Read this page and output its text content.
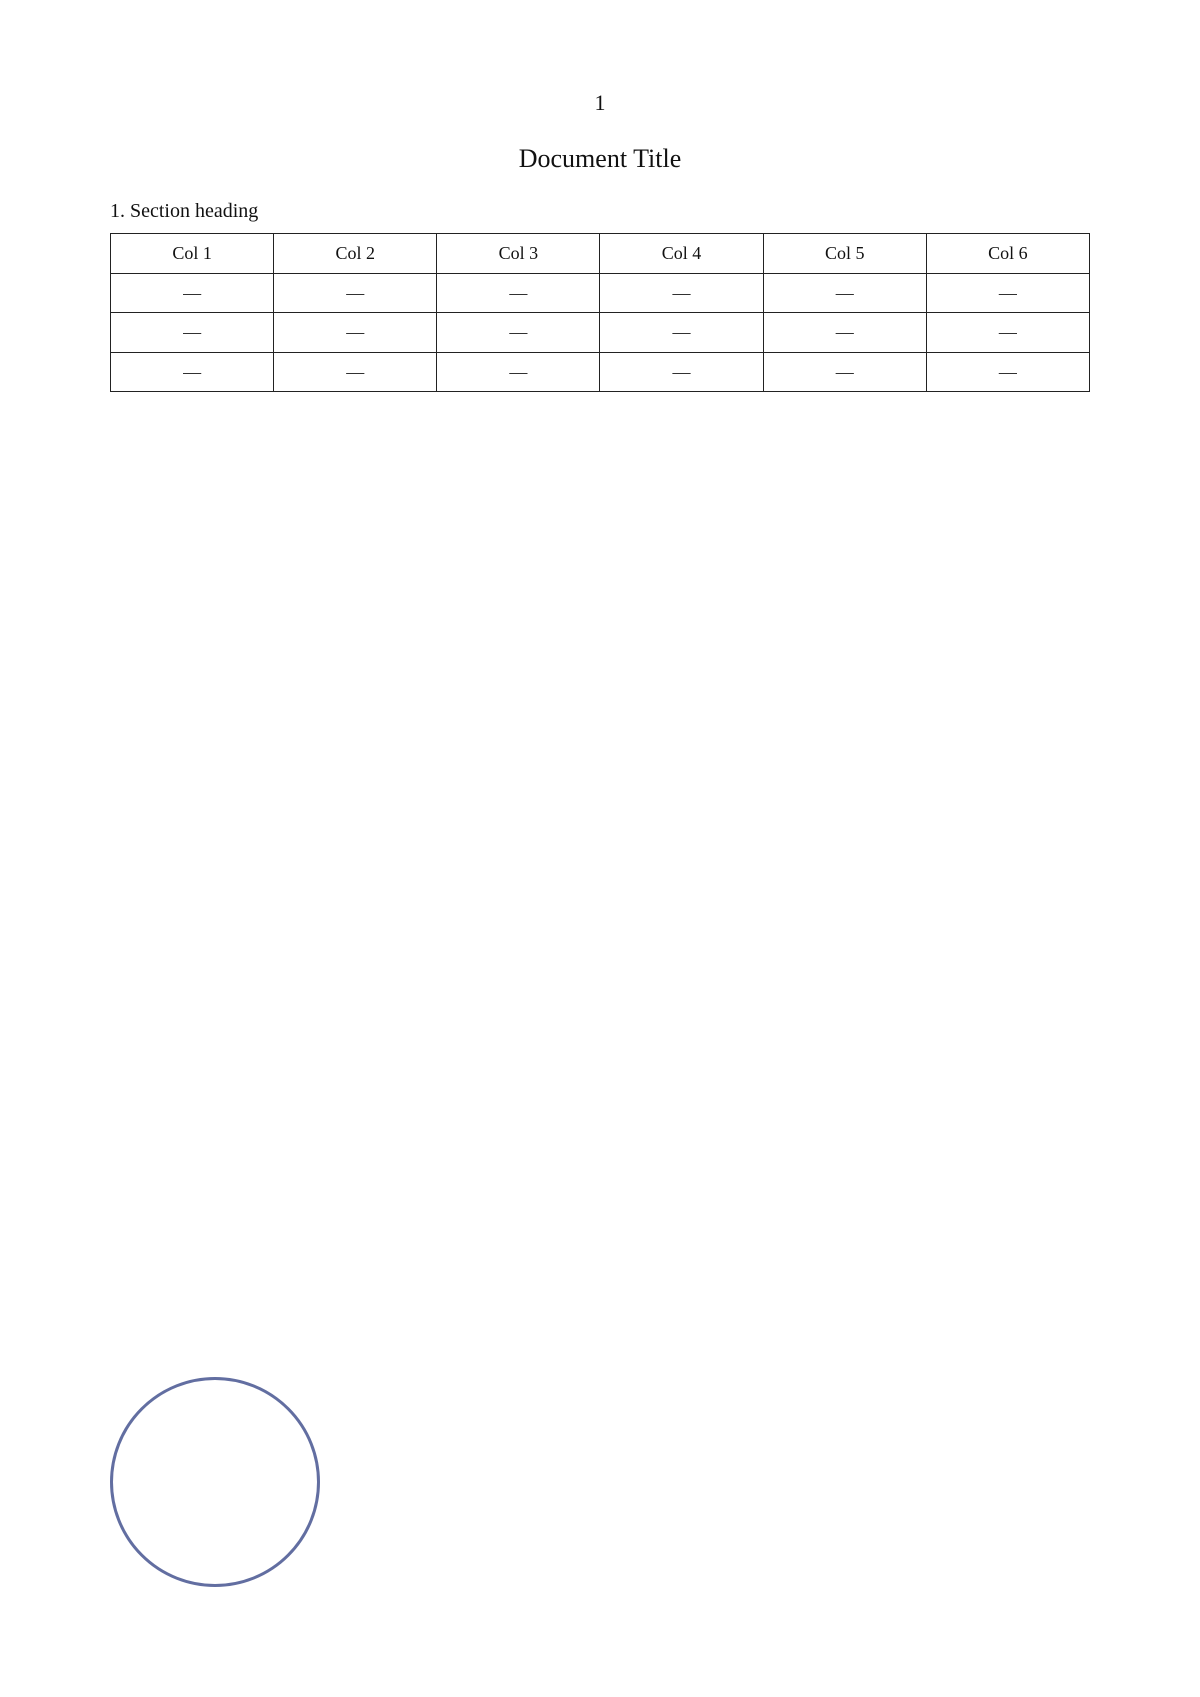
1
Document Title
1. Section heading
Col 1	Col 2	Col 3	Col 4	Col 5	Col 6
—	—	—	—	—	—
—	—	—	—	—	—
—	—	—	—	—	—
